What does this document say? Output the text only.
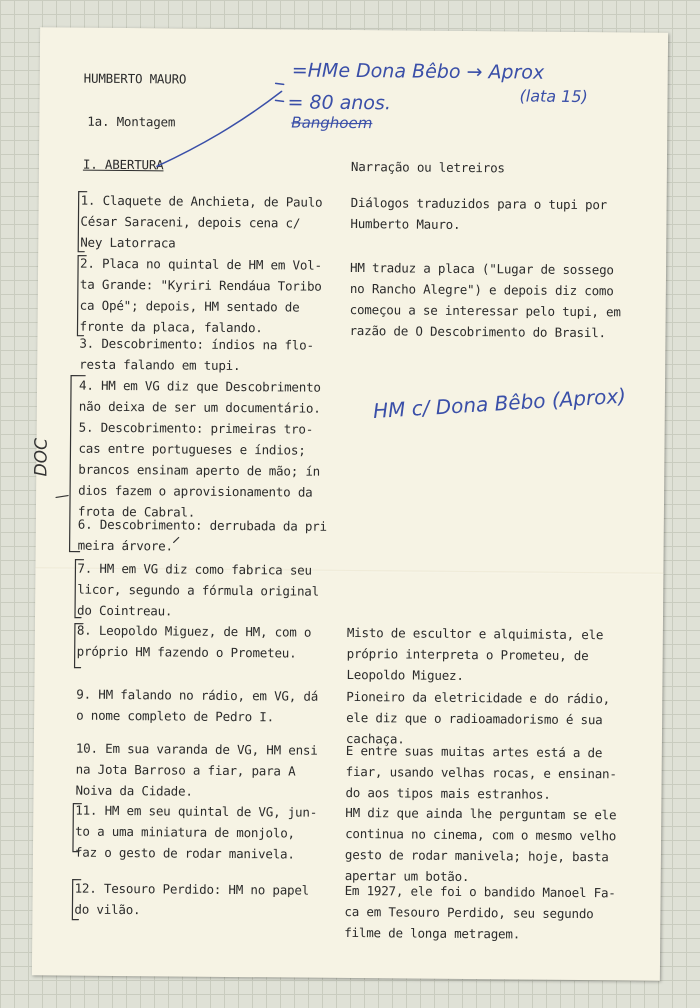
HUMBERTO MAURO
1a. Montagem
I. ABERTURA	Narração ou letreiros
=HMe Dona Bêbo → Aprox
(lata 15)
= 80 anos.
Banghoem
1. Claquete de Anchieta, de Paulo
César Saraceni, depois cena c/
Ney Latorraca
2. Placa no quintal de HM em Vol-
ta Grande: "Kyriri Rendáua Toribo
ca Opé"; depois, HM sentado de
fronte da placa, falando.
3. Descobrimento: índios na flo-
resta falando em tupi.
4. HM em VG diz que Descobrimento
não deixa de ser um documentário.
5. Descobrimento: primeiras tro-
cas entre portugueses e índios;
brancos ensinam aperto de mão; ín
dios fazem o aprovisionamento da
frota de Cabral.
6. Descobrimento: derrubada da pri
meira árvore.
7. HM em VG diz como fabrica seu
licor, segundo a fórmula original
do Cointreau.
8. Leopoldo Miguez, de HM, com o
próprio HM fazendo o Prometeu.
9. HM falando no rádio, em VG, dá
o nome completo de Pedro I.
10. Em sua varanda de VG, HM ensi
na Jota Barroso a fiar, para A
Noiva da Cidade.
11. HM em seu quintal de VG, jun-
to a uma miniatura de monjolo,
faz o gesto de rodar manivela.
12. Tesouro Perdido: HM no papel
do vilão.
Diálogos traduzidos para o tupi por
Humberto Mauro.
HM traduz a placa ("Lugar de sossego
no Rancho Alegre") e depois diz como
começou a se interessar pelo tupi, em
razão de O Descobrimento do Brasil.
HM c/ Dona Bêbo (Aprox)
Misto de escultor e alquimista, ele
próprio interpreta o Prometeu, de
Leopoldo Miguez.
Pioneiro da eletricidade e do rádio,
ele diz que o radioamadorismo é sua
cachaça.
E entre suas muitas artes está a de
fiar, usando velhas rocas, e ensinan-
do aos tipos mais estranhos.
HM diz que ainda lhe perguntam se ele
continua no cinema, com o mesmo velho
gesto de rodar manivela; hoje, basta
apertar um botão.
Em 1927, ele foi o bandido Manoel Fa-
ca em Tesouro Perdido, seu segundo
filme de longa metragem.
DOC
